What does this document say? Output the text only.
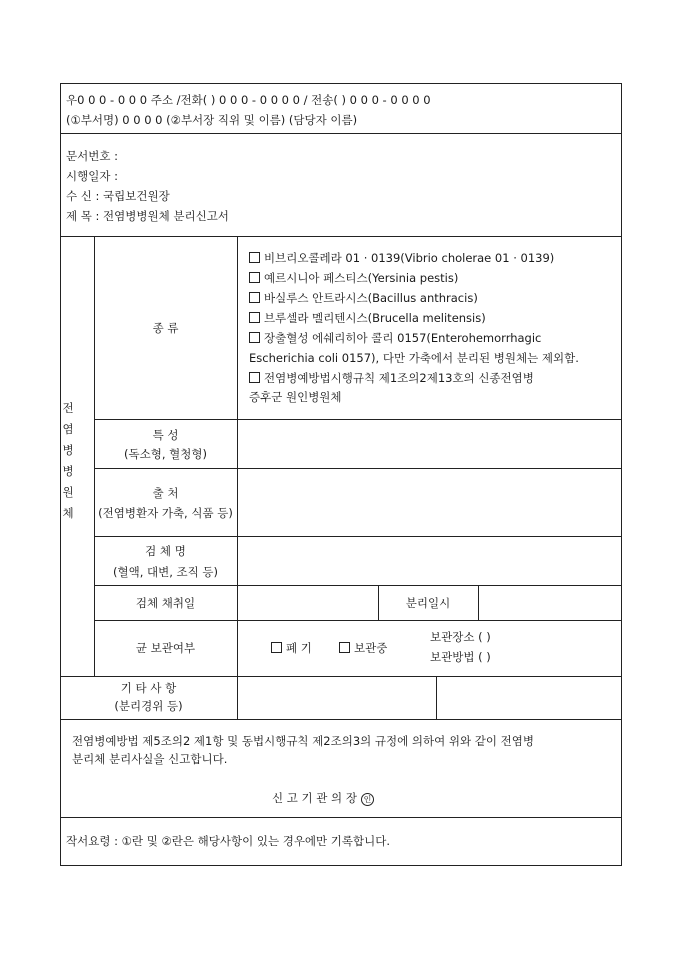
우0 0 0 - 0 0 0 주소 /전화( ) 0 0 0 - 0 0 0 0 / 전송( ) 0 0 0 - 0 0 0 0
(①부서명) 0 0 0 0 (②부서장 직위 및 이름) (담당자 이름)
문서번호 :
시행일자 :
수 신 : 국립보건원장
제 목 : 전염병병원체 분리신고서
전
염
병
병
원
체
종 류
비브리오콜레라 01 · 0139(Vibrio cholerae 01 · 0139)
예르시니아 페스티스(Yersinia pestis)
바실루스 안트라시스(Bacillus anthracis)
브루셀라 멜리텐시스(Brucella melitensis)
장출혈성 에쉐리히아 콜리 0157(Enterohemorrhagic
Escherichia coli 0157), 다만 가축에서 분리된 병원체는 제외함.
전염병예방법시행규칙 제1조의2제13호의 신종전염병
증후군 원인병원체
특 성
(독소형, 혈청형)
출 처
(전염병환자 가축, 식품 등)
검 체 명
(혈액, 대변, 조직 등)
검체 채취일	분리일시
균 보관여부	폐 기	보관중
보관장소 ( )
보관방법 ( )
기 타 사 항
(분리경위 등)
전염병예방법 제5조의2 제1항 및 동법시행규칙 제2조의3의 규정에 의하여 위와 같이 전염병
분리체 분리사실을 신고합니다.
신 고 기 관 의 장 인
작서요령 : ①란 및 ②란은 해당사항이 있는 경우에만 기록합니다.
